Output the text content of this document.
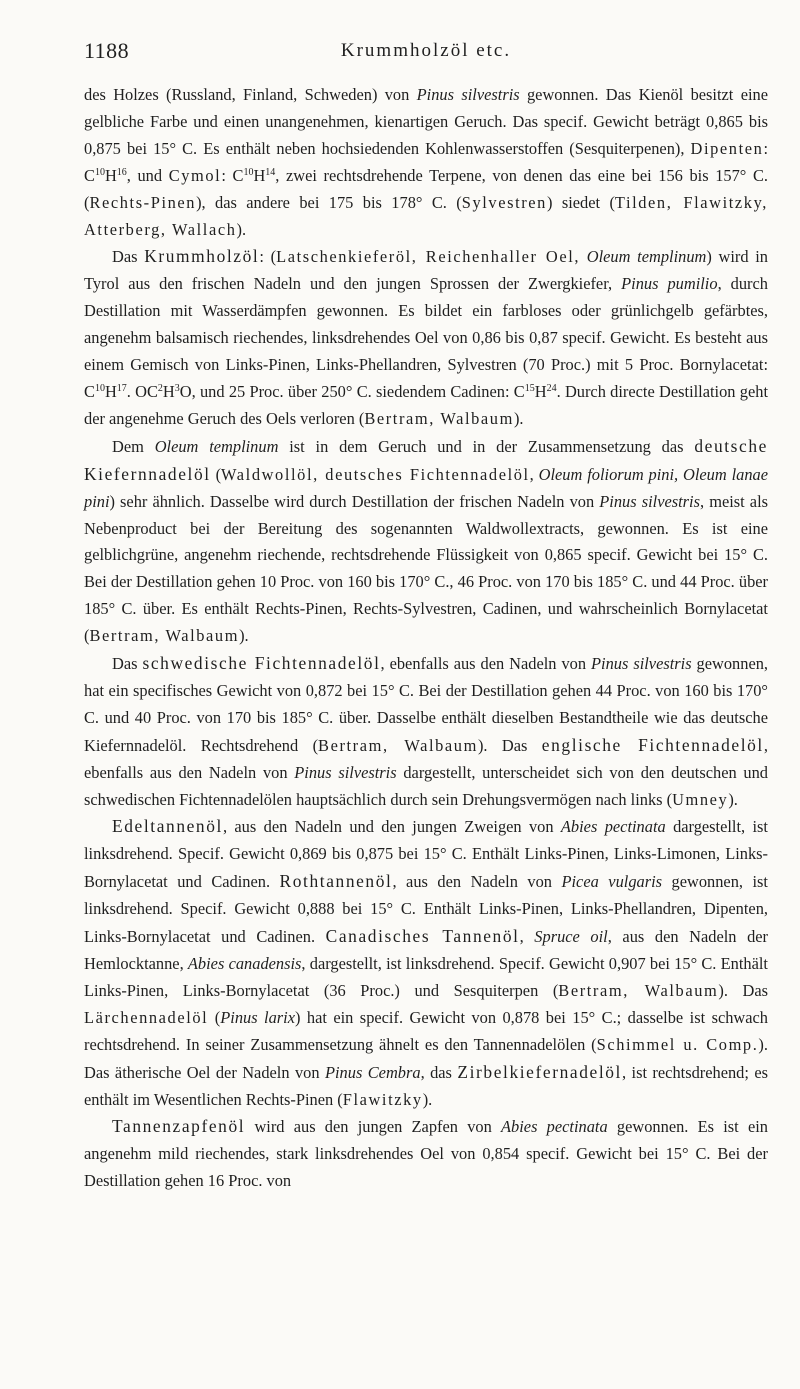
1188	Krummholzöl etc.

des Holzes (Russland, Finland, Schweden) von Pinus silvestris gewonnen. Das Kienöl besitzt eine gelbliche Farbe und einen unangenehmen, kienartigen Geruch. Das specif. Gewicht beträgt 0,865 bis 0,875 bei 15° C. Es enthält neben hochsiedenden Kohlenwasserstoffen (Sesquiterpenen), Dipenten: $C^{10}H^{16}$, und Cymol: $C^{10}H^{14}$, zwei rechtsdrehende Terpene, von denen das eine bei 156 bis 157° C. (Rechts-Pinen), das andere bei 175 bis 178° C. (Sylvestren) siedet (Tilden, Flawitzky, Atterberg, Wallach).

Das Krummholzöl: (Latschenkieferöl, Reichenhaller Oel, Oleum templinum) wird in Tyrol aus den frischen Nadeln und den jungen Sprossen der Zwergkiefer, Pinus pumilio, durch Destillation mit Wasserdämpfen gewonnen. Es bildet ein farbloses oder grünlichgelb gefärbtes, angenehm balsamisch riechendes, linksdrehendes Oel von 0,86 bis 0,87 specif. Gewicht. Es besteht aus einem Gemisch von Links-Pinen, Links-Phellandren, Sylvestren (70 Proc.) mit 5 Proc. Bornylacetat: $C^{10}H^{17}$. $OC^2H^3O$, und 25 Proc. über 250° C. siedendem Cadinen: $C^{15}H^{24}$. Durch directe Destillation geht der angenehme Geruch des Oels verloren (Bertram, Walbaum).

Dem Oleum templinum ist in dem Geruch und in der Zusammensetzung das deutsche Kiefernnadelöl (Waldwollöl, deutsches Fichtennadelöl, Oleum foliorum pini, Oleum lanae pini) sehr ähnlich. Dasselbe wird durch Destillation der frischen Nadeln von Pinus silvestris, meist als Nebenproduct bei der Bereitung des sogenannten Waldwollextracts, gewonnen. Es ist eine gelblichgrüne, angenehm riechende, rechtsdrehende Flüssigkeit von 0,865 specif. Gewicht bei 15° C. Bei der Destillation gehen 10 Proc. von 160 bis 170° C., 46 Proc. von 170 bis 185° C. und 44 Proc. über 185° C. über. Es enthält Rechts-Pinen, Rechts-Sylvestren, Cadinen, und wahrscheinlich Bornylacetat (Bertram, Walbaum).

Das schwedische Fichtennadelöl, ebenfalls aus den Nadeln von Pinus silvestris gewonnen, hat ein specifisches Gewicht von 0,872 bei 15° C. Bei der Destillation gehen 44 Proc. von 160 bis 170° C. und 40 Proc. von 170 bis 185° C. über. Dasselbe enthält dieselben Bestandtheile wie das deutsche Kiefernnadelöl. Rechtsdrehend (Bertram, Walbaum). Das englische Fichtennadelöl, ebenfalls aus den Nadeln von Pinus silvestris dargestellt, unterscheidet sich von den deutschen und schwedischen Fichtennadelölen hauptsächlich durch sein Drehungsvermögen nach links (Umney).

Edeltannenöl, aus den Nadeln und den jungen Zweigen von Abies pectinata dargestellt, ist linksdrehend. Specif. Gewicht 0,869 bis 0,875 bei 15° C. Enthält Links-Pinen, Links-Limonen, Links-Bornylacetat und Cadinen. Rothtannenöl, aus den Nadeln von Picea vulgaris gewonnen, ist linksdrehend. Specif. Gewicht 0,888 bei 15° C. Enthält Links-Pinen, Links-Phellandren, Dipenten, Links-Bornylacetat und Cadinen. Canadisches Tannenöl, Spruce oil, aus den Nadeln der Hemlocktanne, Abies canadensis, dargestellt, ist linksdrehend. Specif. Gewicht 0,907 bei 15° C. Enthält Links-Pinen, Links-Bornylacetat (36 Proc.) und Sesquiterpen (Bertram, Walbaum). Das Lärchennadelöl (Pinus larix) hat ein specif. Gewicht von 0,878 bei 15° C.; dasselbe ist schwach rechtsdrehend. In seiner Zusammensetzung ähnelt es den Tannennadelölen (Schimmel u. Comp.). Das ätherische Oel der Nadeln von Pinus Cembra, das Zirbelkiefernadelöl, ist rechtsdrehend; es enthält im Wesentlichen Rechts-Pinen (Flawitzky).

Tannenzapfenöl wird aus den jungen Zapfen von Abies pectinata gewonnen. Es ist ein angenehm mild riechendes, stark linksdrehendes Oel von 0,854 specif. Gewicht bei 15° C. Bei der Destillation gehen 16 Proc. von
